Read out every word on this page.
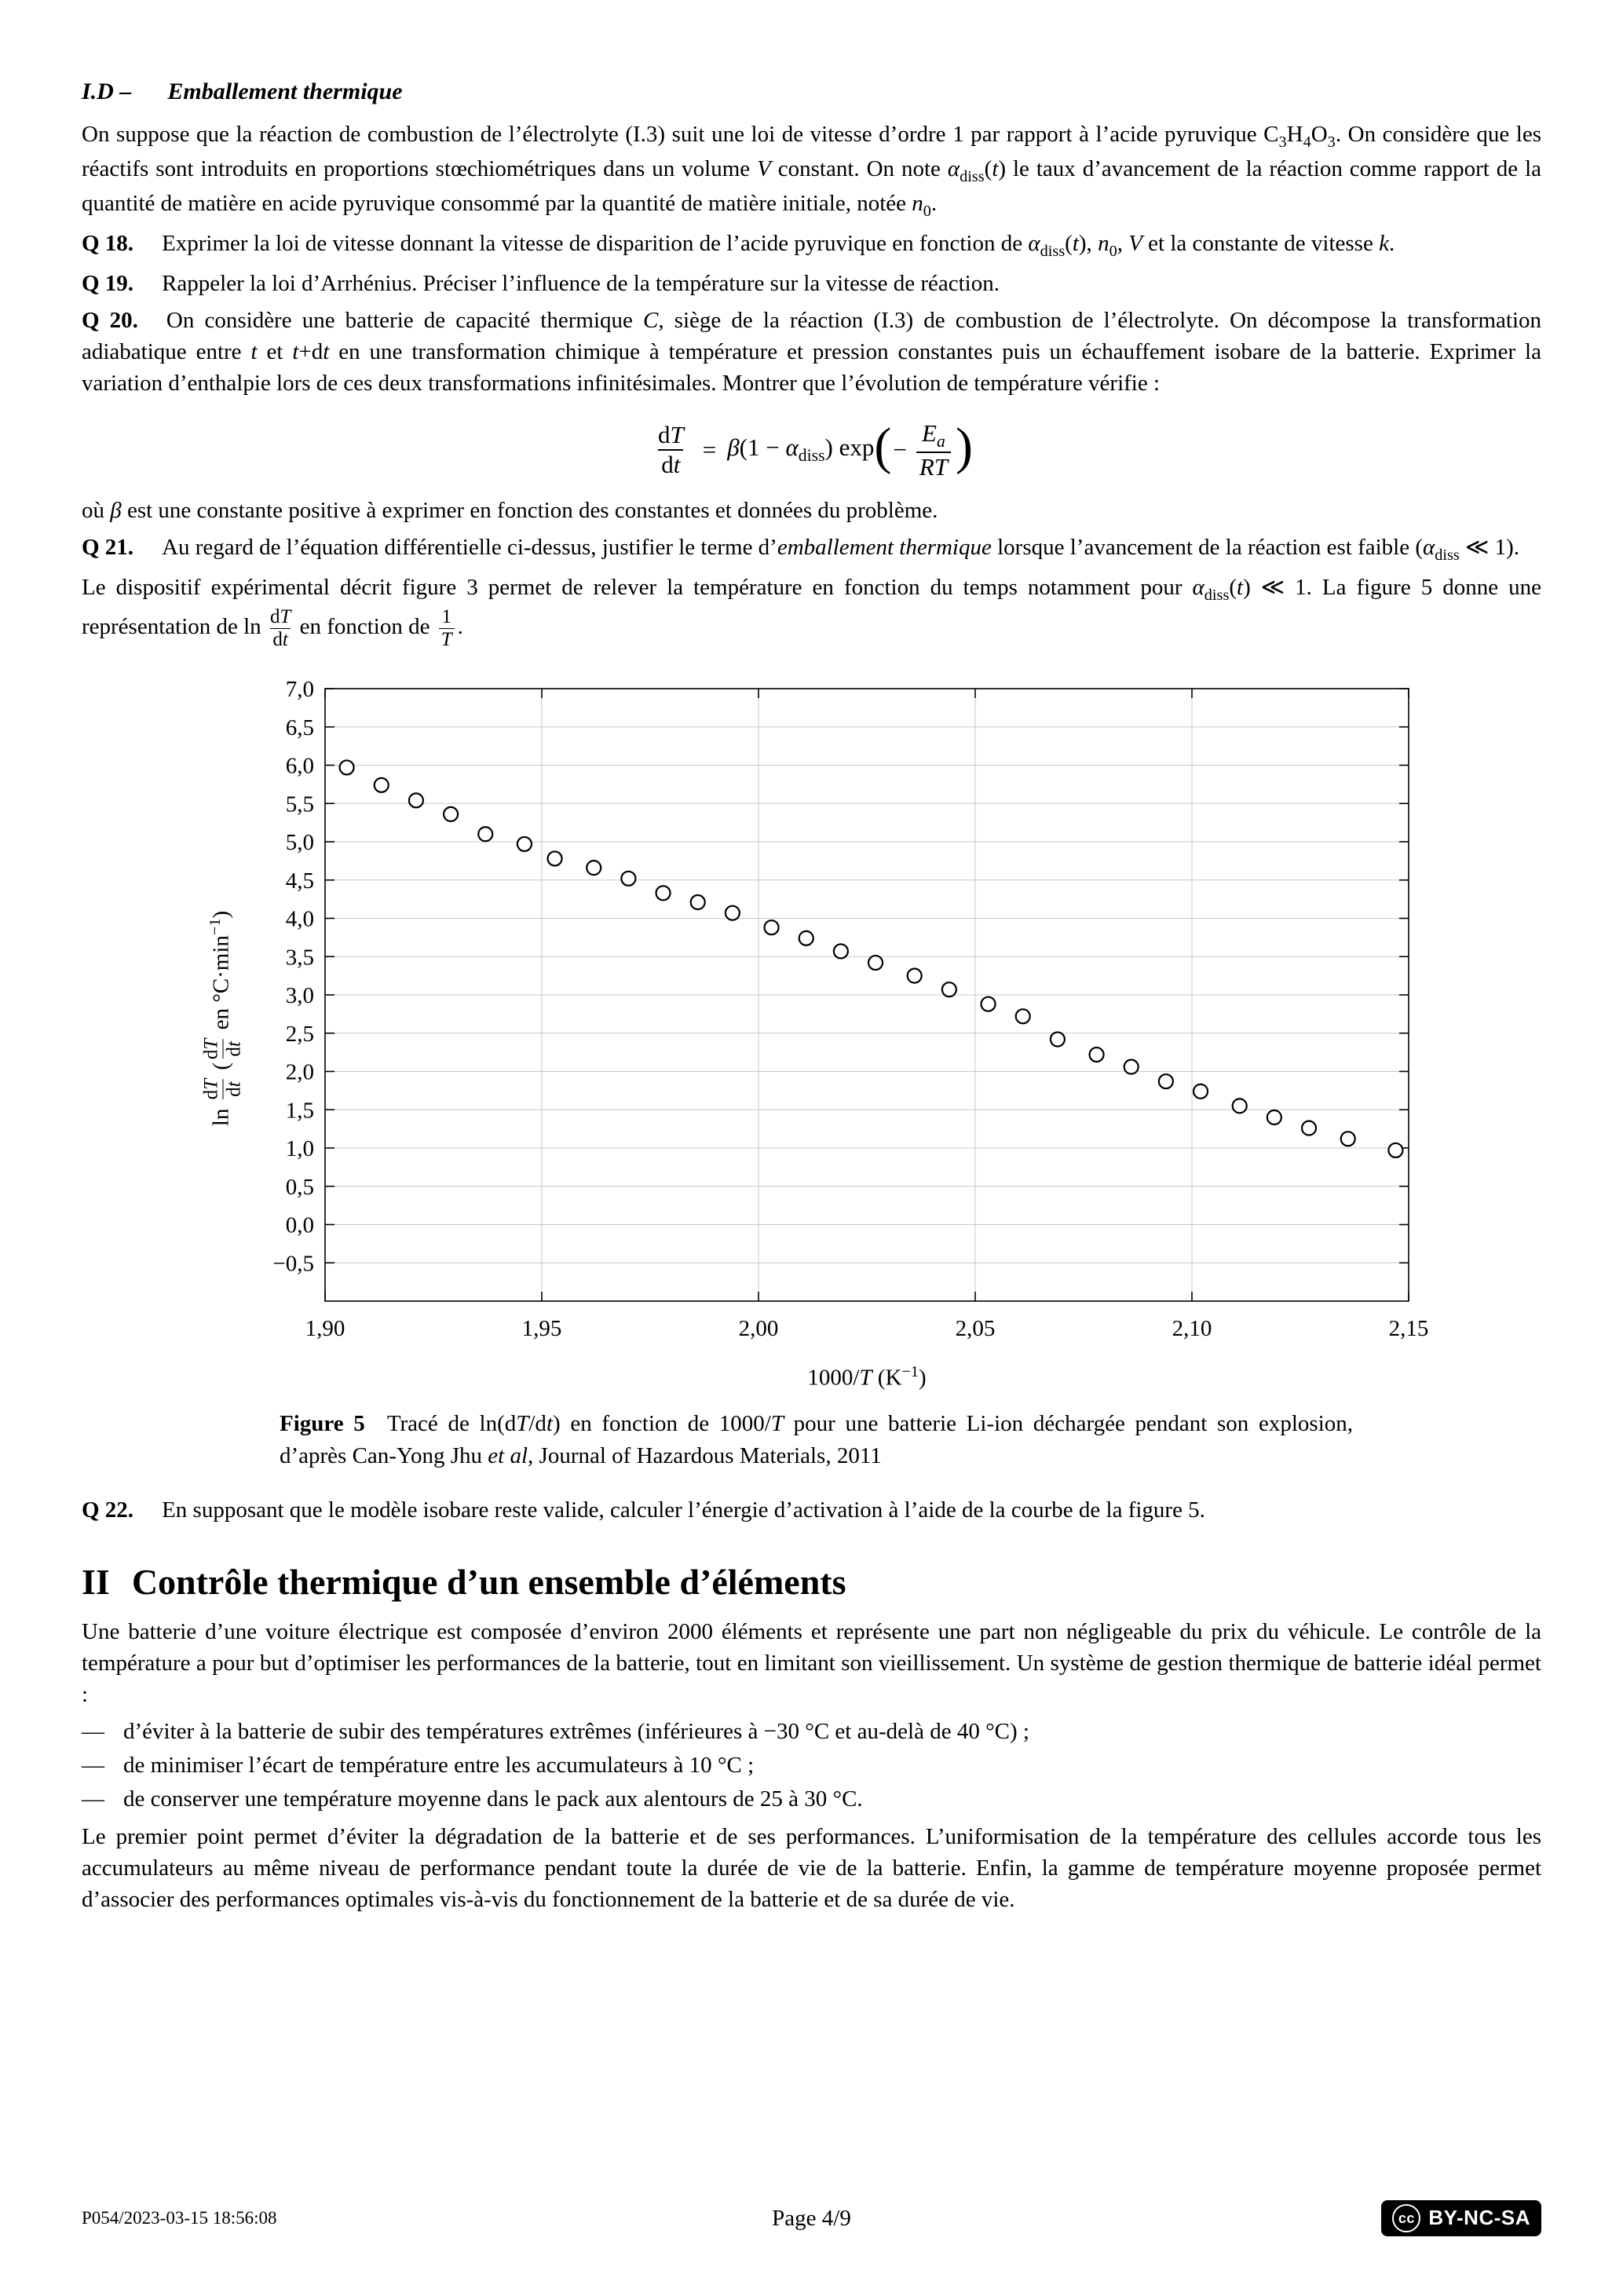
I.D – Emballement thermique

On suppose que la réaction de combustion de l’électrolyte (I.3) suit une loi de vitesse d’ordre 1 par rapport à l’acide pyruvique $C_3H_4O_3$. On considère que les réactifs sont introduits en proportions stœchiométriques dans un volume V constant. On note $\alpha_{diss}(t)$ le taux d’avancement de la réaction comme rapport de la quantité de matière en acide pyruvique consommé par la quantité de matière initiale, notée $n_0$.

Q 18. Exprimer la loi de vitesse donnant la vitesse de disparition de l’acide pyruvique en fonction de $\alpha_{diss}(t)$, $n_0$, V et la constante de vitesse k.

Q 19. Rappeler la loi d’Arrhénius. Préciser l’influence de la température sur la vitesse de réaction.

Q 20. On considère une batterie de capacité thermique C, siège de la réaction (I.3) de combustion de l’électrolyte. On décompose la transformation adiabatique entre t et t+dt en une transformation chimique à température et pression constantes puis un échauffement isobare de la batterie. Exprimer la variation d’enthalpie lors de ces deux transformations infinitésimales. Montrer que l’évolution de température vérifie :

$\frac{dT}{dt} = \beta(1 - \alpha_{diss})$ exp ( − $\frac{E_a}{RT}$ )

où β est une constante positive à exprimer en fonction des constantes et données du problème.

Q 21. Au regard de l’équation différentielle ci-dessus, justifier le terme d’emballement thermique lorsque l’avancement de la réaction est faible ($\alpha_{diss}$ ≪ 1).

Le dispositif expérimental décrit figure 3 permet de relever la température en fonction du temps notamment pour $\alpha_{diss}(t)$ ≪ 1. La figure 5 donne une représentation de $\ln \frac{dT}{dt}$ en fonction de $\frac{1}{T}$ .

ln
dT
dt
(
dT
dt
en $^\circ C\cdot\min^{-1}$)
1,90	1,95	2,00	2,05	2,10	2,15
7,0
6,5
6,0
5,5
5,0
4,5
4,0
3,5
3,0
2,5
2,0
1,5
1,0
0,5
0,0
−0,5
1000/T $(K^{-1})$
Figure 5 Tracé de ln(dT/dt) en fonction de 1000/T pour une batterie Li-ion déchargée pendant son explosion, d’après Can-Yong Jhu et al, Journal of Hazardous Materials, 2011

Q 22. En supposant que le modèle isobare reste valide, calculer l’énergie d’activation à l’aide de la courbe de la figure 5.

II Contrôle thermique d’un ensemble d’éléments

Une batterie d’une voiture électrique est composée d’environ 2000 éléments et représente une part non négligeable du prix du véhicule. Le contrôle de la température a pour but d’optimiser les performances de la batterie, tout en limitant son vieillissement. Un système de gestion thermique de batterie idéal permet :

— d’éviter à la batterie de subir des températures extrêmes (inférieures à −30 °C et au-delà de 40 °C) ;
— de minimiser l’écart de température entre les accumulateurs à 10 °C ;
— de conserver une température moyenne dans le pack aux alentours de 25 à 30 °C.

Le premier point permet d’éviter la dégradation de la batterie et de ses performances. L’uniformisation de la température des cellules accorde tous les accumulateurs au même niveau de performance pendant toute la durée de vie de la batterie. Enfin, la gamme de température moyenne proposée permet d’associer des performances optimales vis-à-vis du fonctionnement de la batterie et de sa durée de vie.

P054/2023-03-15 18:56:08	Page 4/9	cc BY-NC-SA
